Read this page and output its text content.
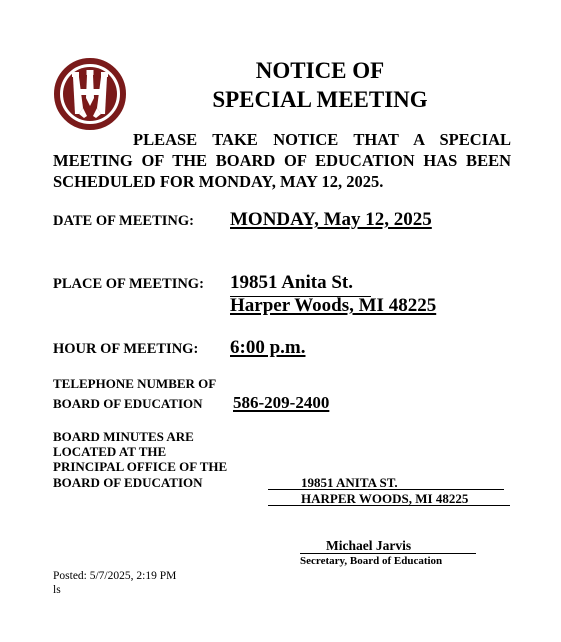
NOTICE OF
SPECIAL MEETING
PLEASE TAKE NOTICE THAT A SPECIAL
MEETING OF THE BOARD OF EDUCATION HAS BEEN SCHEDULED FOR MONDAY, MAY 12, 2025.
DATE OF MEETING: MONDAY, May 12, 2025
PLACE OF MEETING: 19851 Anita St.
Harper Woods, MI 48225
HOUR OF MEETING: 6:00 p.m.
TELEPHONE NUMBER OF
BOARD OF EDUCATION 586-209-2400
BOARD MINUTES ARE
LOCATED AT THE
PRINCIPAL OFFICE OF THE
BOARD OF EDUCATION	19851 ANITA ST.
HARPER WOODS, MI 48225
Michael Jarvis
Secretary, Board of Education
Posted: 5/7/2025, 2:19 PM
ls
